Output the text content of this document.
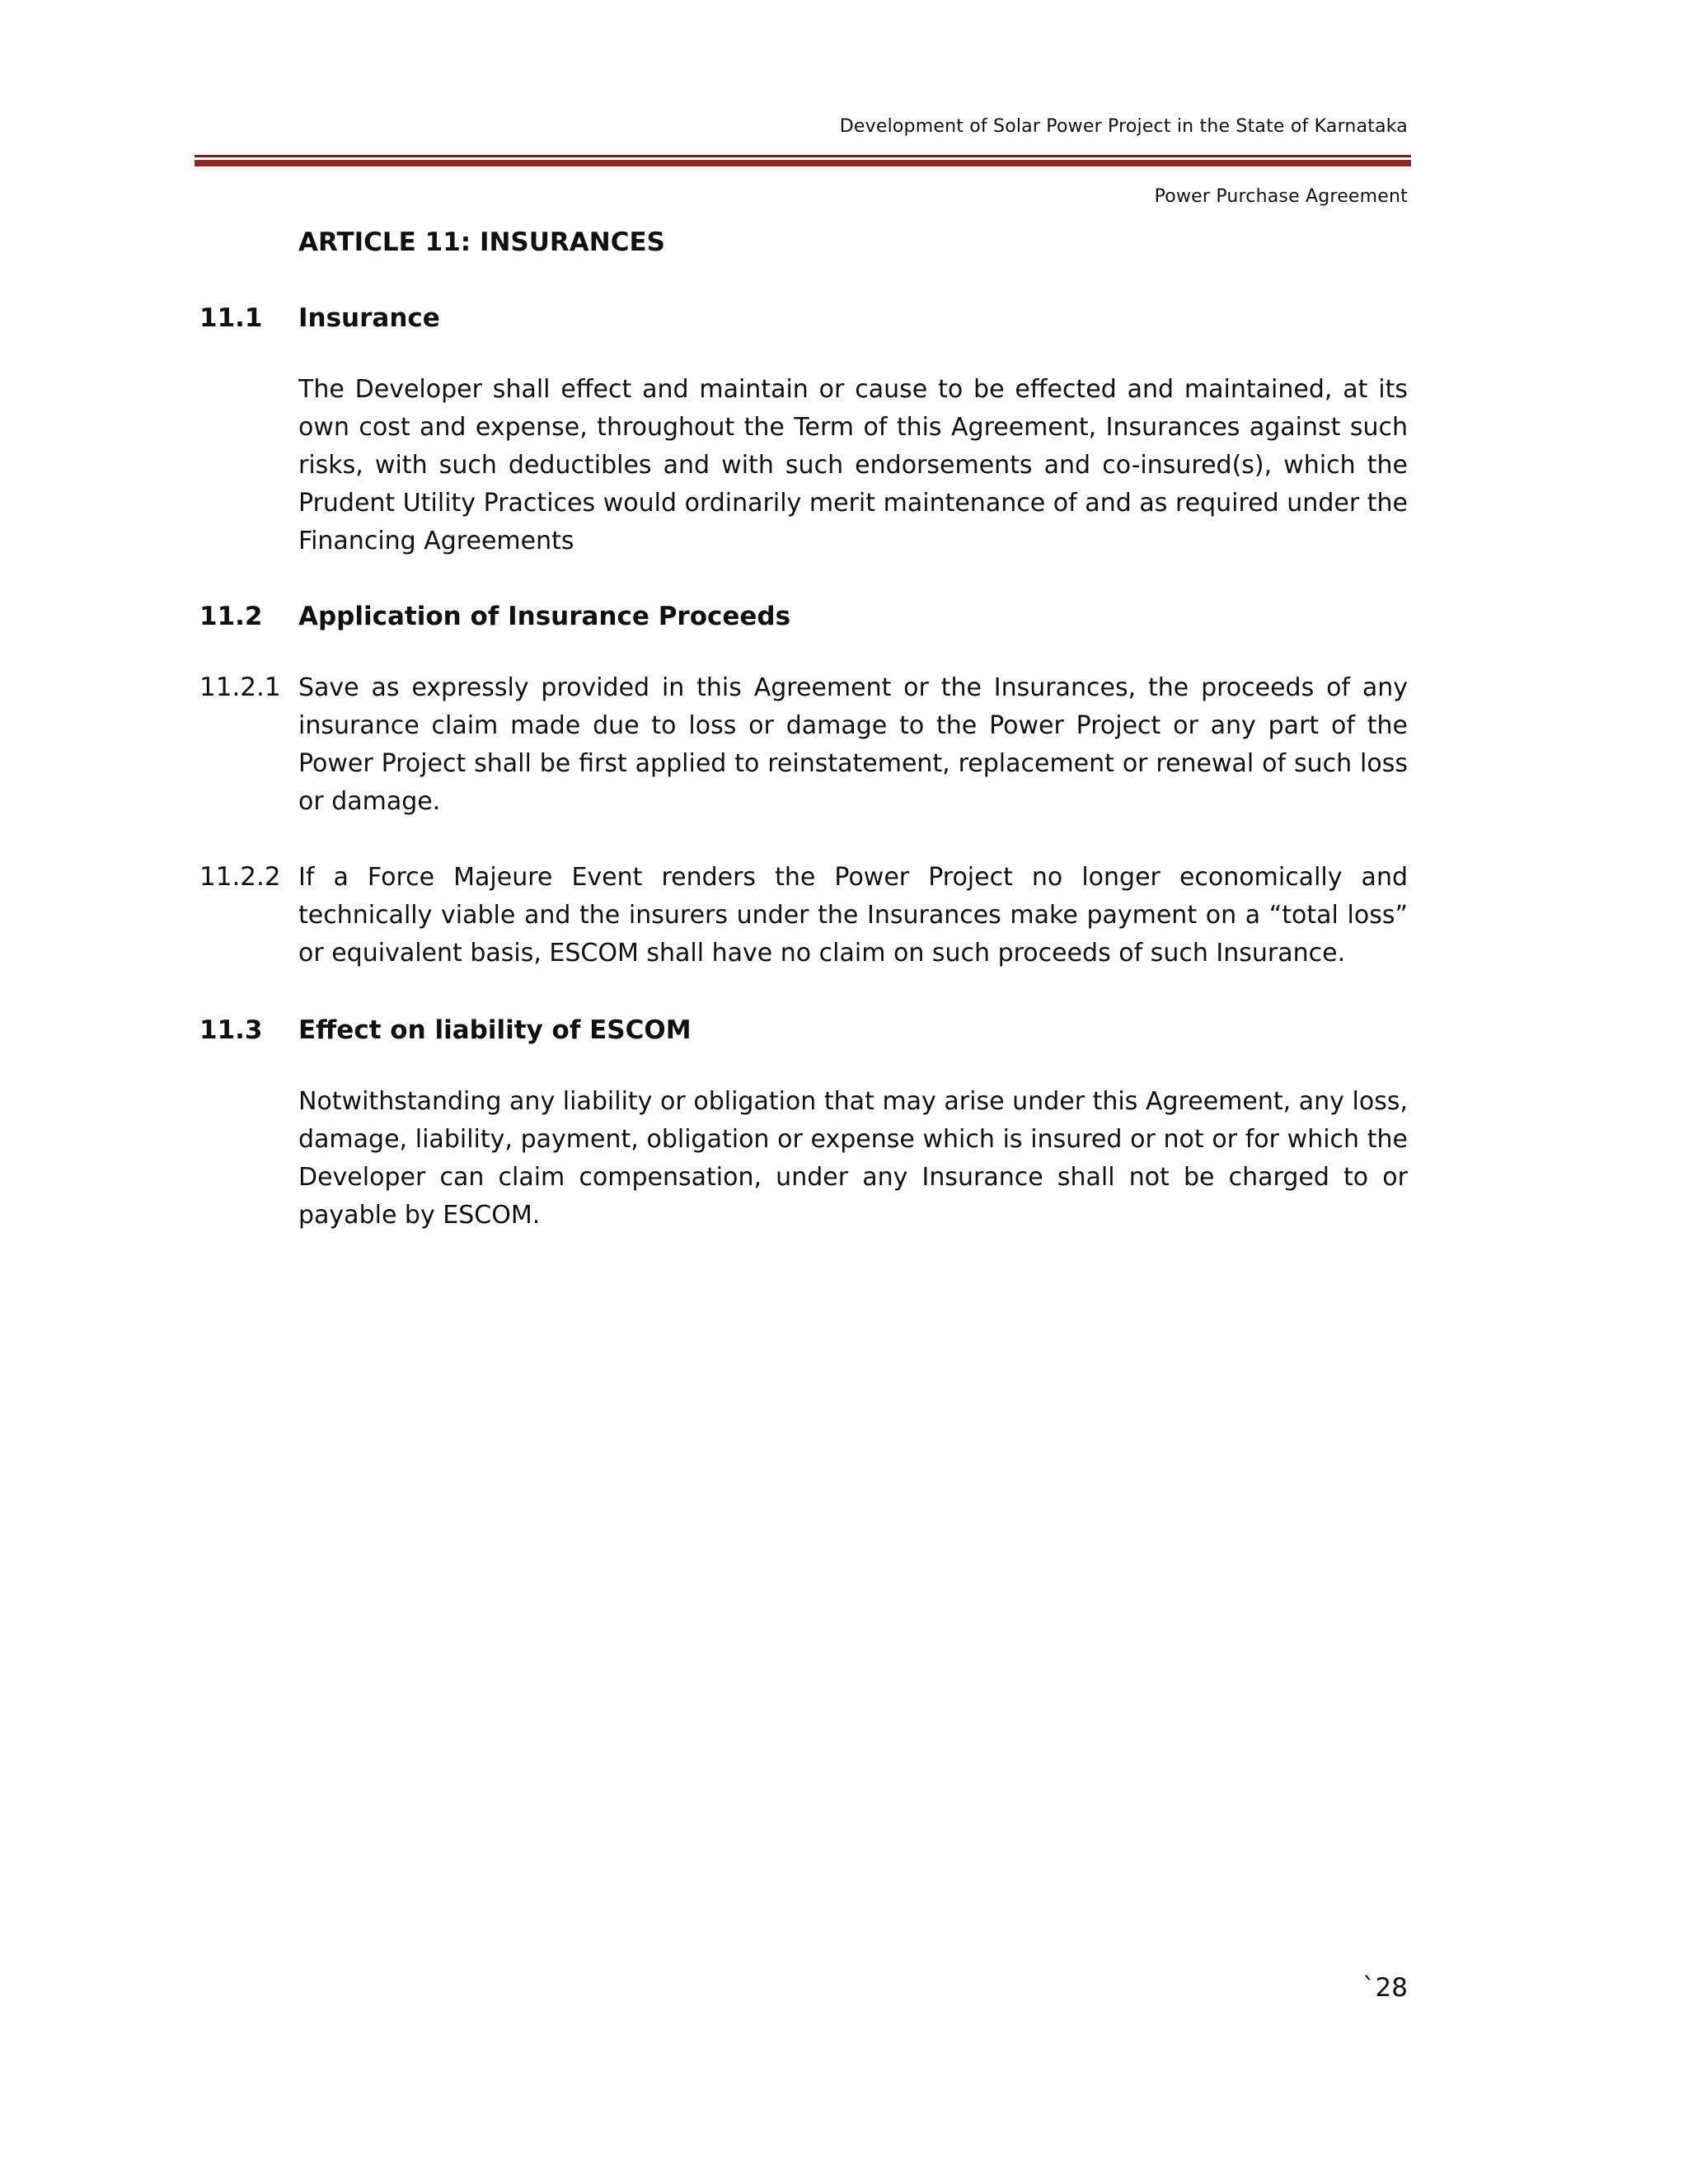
Development of Solar Power Project in the State of Karnataka
Power Purchase Agreement
ARTICLE 11: INSURANCES
11.1 Insurance

The Developer shall effect and maintain or cause to be effected and maintained, at its own cost and expense, throughout the Term of this Agreement, Insurances against such risks, with such deductibles and with such endorsements and co-insured(s), which the Prudent Utility Practices would ordinarily merit maintenance of and as required under the Financing Agreements

11.2 Application of Insurance Proceeds
11.2.1 Save as expressly provided in this Agreement or the Insurances, the proceeds of any insurance claim made due to loss or damage to the Power Project or any part of the Power Project shall be first applied to reinstatement, replacement or renewal of such loss or damage.

11.2.2 If a Force Majeure Event renders the Power Project no longer economically and technically viable and the insurers under the Insurances make payment on a “total loss” or equivalent basis, ESCOM shall have no claim on such proceeds of such Insurance.

11.3 Effect on liability of ESCOM

Notwithstanding any liability or obligation that may arise under this Agreement, any loss, damage, liability, payment, obligation or expense which is insured or not or for which the Developer can claim compensation, under any Insurance shall not be charged to or payable by ESCOM.

`28
